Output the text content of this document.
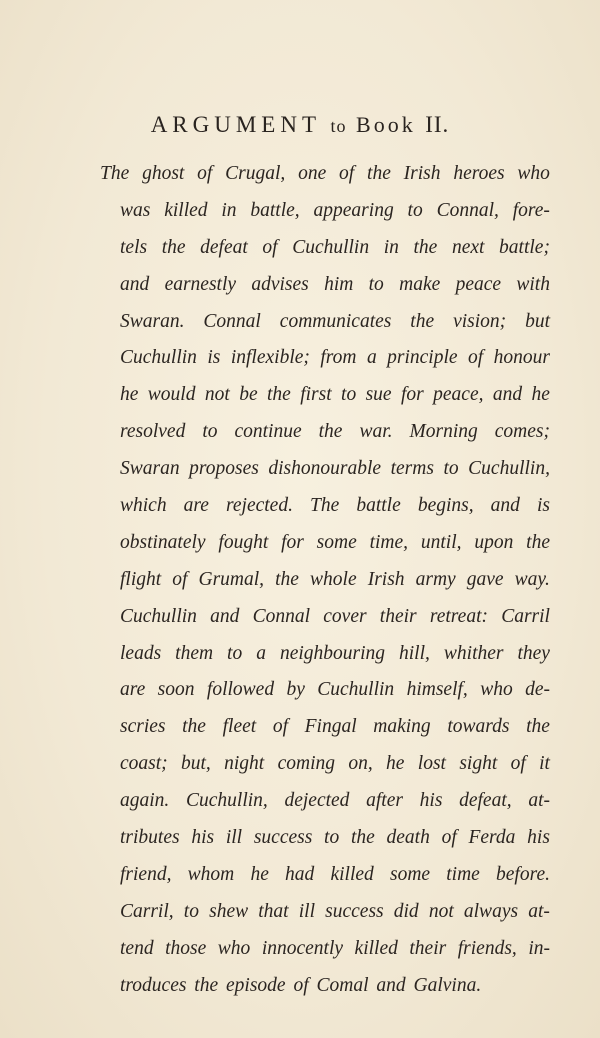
ARGUMENT to Book II.
The ghost of Crugal, one of the Irish heroes who
was killed in battle, appearing to Connal, fore-
tels the defeat of Cuchullin in the next battle;
and earnestly advises him to make peace with
Swaran. Connal communicates the vision; but
Cuchullin is inflexible; from a principle of honour
he would not be the first to sue for peace, and he
resolved to continue the war. Morning comes;
Swaran proposes dishonourable terms to Cuchullin,
which are rejected. The battle begins, and is
obstinately fought for some time, until, upon the
flight of Grumal, the whole Irish army gave way.
Cuchullin and Connal cover their retreat: Carril
leads them to a neighbouring hill, whither they
are soon followed by Cuchullin himself, who de-
scries the fleet of Fingal making towards the
coast; but, night coming on, he lost sight of it
again. Cuchullin, dejected after his defeat, at-
tributes his ill success to the death of Ferda his
friend, whom he had killed some time before.
Carril, to shew that ill success did not always at-
tend those who innocently killed their friends, in-
troduces the episode of Comal and Galvina.
